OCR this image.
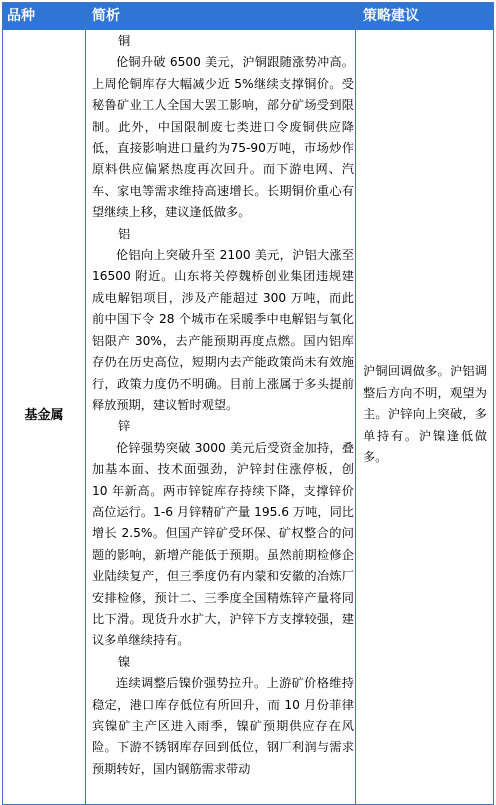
品种	简析	策略建议
基金属
铜
伦铜升破 6500 美元，沪铜跟随涨势冲高。上周伦铜库存大幅减少近 5%继续支撑铜价。受秘鲁矿业工人全国大罢工影响，部分矿场受到限制。此外，中国限制废七类进口令废铜供应降低，直接影响进口量约为75-90万吨，市场炒作原料供应偏紧热度再次回升。而下游电网、汽车、家电等需求维持高速增长。长期铜价重心有望继续上移，建议逢低做多。
铝
伦铝向上突破升至 2100 美元，沪铝大涨至 16500 附近。山东将关停魏桥创业集团违规建成电解铝项目，涉及产能超过 300 万吨，而此前中国下令 28 个城市在采暖季中电解铝与氧化铝限产 30%，去产能预期再度点燃。国内铝库存仍在历史高位，短期内去产能政策尚未有效施行，政策力度仍不明确。目前上涨属于多头提前释放预期，建议暂时观望。
锌
伦锌强势突破 3000 美元后受资金加持，叠加基本面、技术面强劲，沪锌封住涨停板，创 10 年新高。两市锌锭库存持续下降，支撑锌价高位运行。1-6 月锌精矿产量 195.6 万吨，同比增长 2.5%。但国产锌矿受环保、矿权整合的问题的影响，新增产能低于预期。虽然前期检修企业陆续复产，但三季度仍有内蒙和安徽的冶炼厂安排检修，预计二、三季度全国精炼锌产量将同比下滑。现货升水扩大，沪锌下方支撑较强，建议多单继续持有。
镍
连续调整后镍价强势拉升。上游矿价格维持稳定，港口库存低位有所回升，而 10 月份菲律宾镍矿主产区进入雨季，镍矿预期供应存在风险。下游不锈钢库存回到低位，钢厂利润与需求预期转好，国内钢筋需求带动
沪铜回调做多。沪铝调整后方向不明，观望为主。沪锌向上突破，多单持有。沪镍逢低做多。
